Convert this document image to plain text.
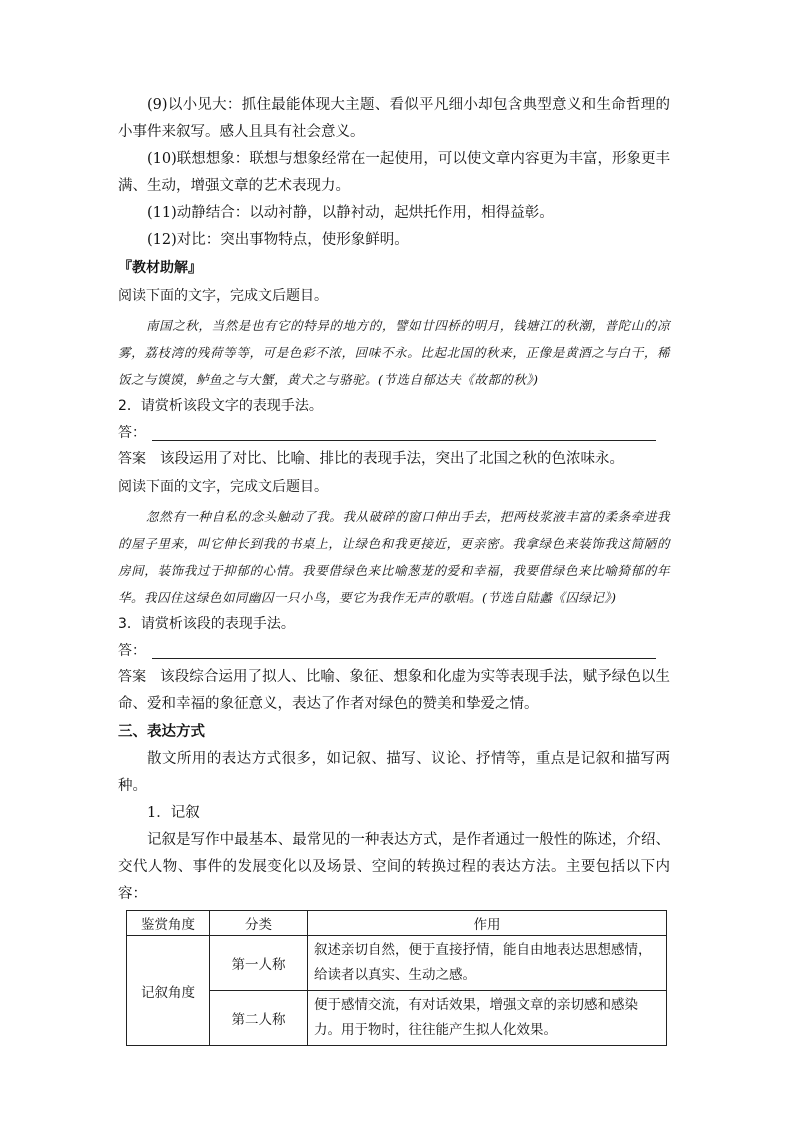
(9)以小见大：抓住最能体现大主题、看似平凡细小却包含典型意义和生命哲理的小事件来叙写。感人且具有社会意义。

(10)联想想象：联想与想象经常在一起使用，可以使文章内容更为丰富，形象更丰满、生动，增强文章的艺术表现力。

(11)动静结合：以动衬静，以静衬动，起烘托作用，相得益彰。

(12)对比：突出事物特点，使形象鲜明。

『教材助解』

阅读下面的文字，完成文后题目。

南国之秋，当然是也有它的特异的地方的，譬如廿四桥的明月，钱塘江的秋潮，普陀山的凉雾，荔枝湾的残荷等等，可是色彩不浓，回味不永。比起北国的秋来，正像是黄酒之与白干，稀饭之与馍馍，鲈鱼之与大蟹，黄犬之与骆驼。(节选自郁达夫《故都的秋》)

2．请赏析该段文字的表现手法。

答：

答案 该段运用了对比、比喻、排比的表现手法，突出了北国之秋的色浓味永。

阅读下面的文字，完成文后题目。

忽然有一种自私的念头触动了我。我从破碎的窗口伸出手去，把两枝浆液丰富的柔条牵进我的屋子里来，叫它伸长到我的书桌上，让绿色和我更接近，更亲密。我拿绿色来装饰我这简陋的房间，装饰我过于抑郁的心情。我要借绿色来比喻葱茏的爱和幸福，我要借绿色来比喻猗郁的年华。我囚住这绿色如同幽囚一只小鸟，要它为我作无声的歌唱。(节选自陆蠡《囚绿记》)

3．请赏析该段的表现手法。

答：

答案 该段综合运用了拟人、比喻、象征、想象和化虚为实等表现手法，赋予绿色以生命、爱和幸福的象征意义，表达了作者对绿色的赞美和挚爱之情。

三、表达方式

散文所用的表达方式很多，如记叙、描写、议论、抒情等，重点是记叙和描写两种。

1．记叙

记叙是写作中最基本、最常见的一种表达方式，是作者通过一般性的陈述，介绍、交代人物、事件的发展变化以及场景、空间的转换过程的表达方法。主要包括以下内容：

鉴赏角度	分类	作用
记叙角度	第一人称	叙述亲切自然，便于直接抒情，能自由地表达思想感情，给读者以真实、生动之感。
	第二人称	便于感情交流，有对话效果，增强文章的亲切感和感染力。用于物时，往往能产生拟人化效果。
